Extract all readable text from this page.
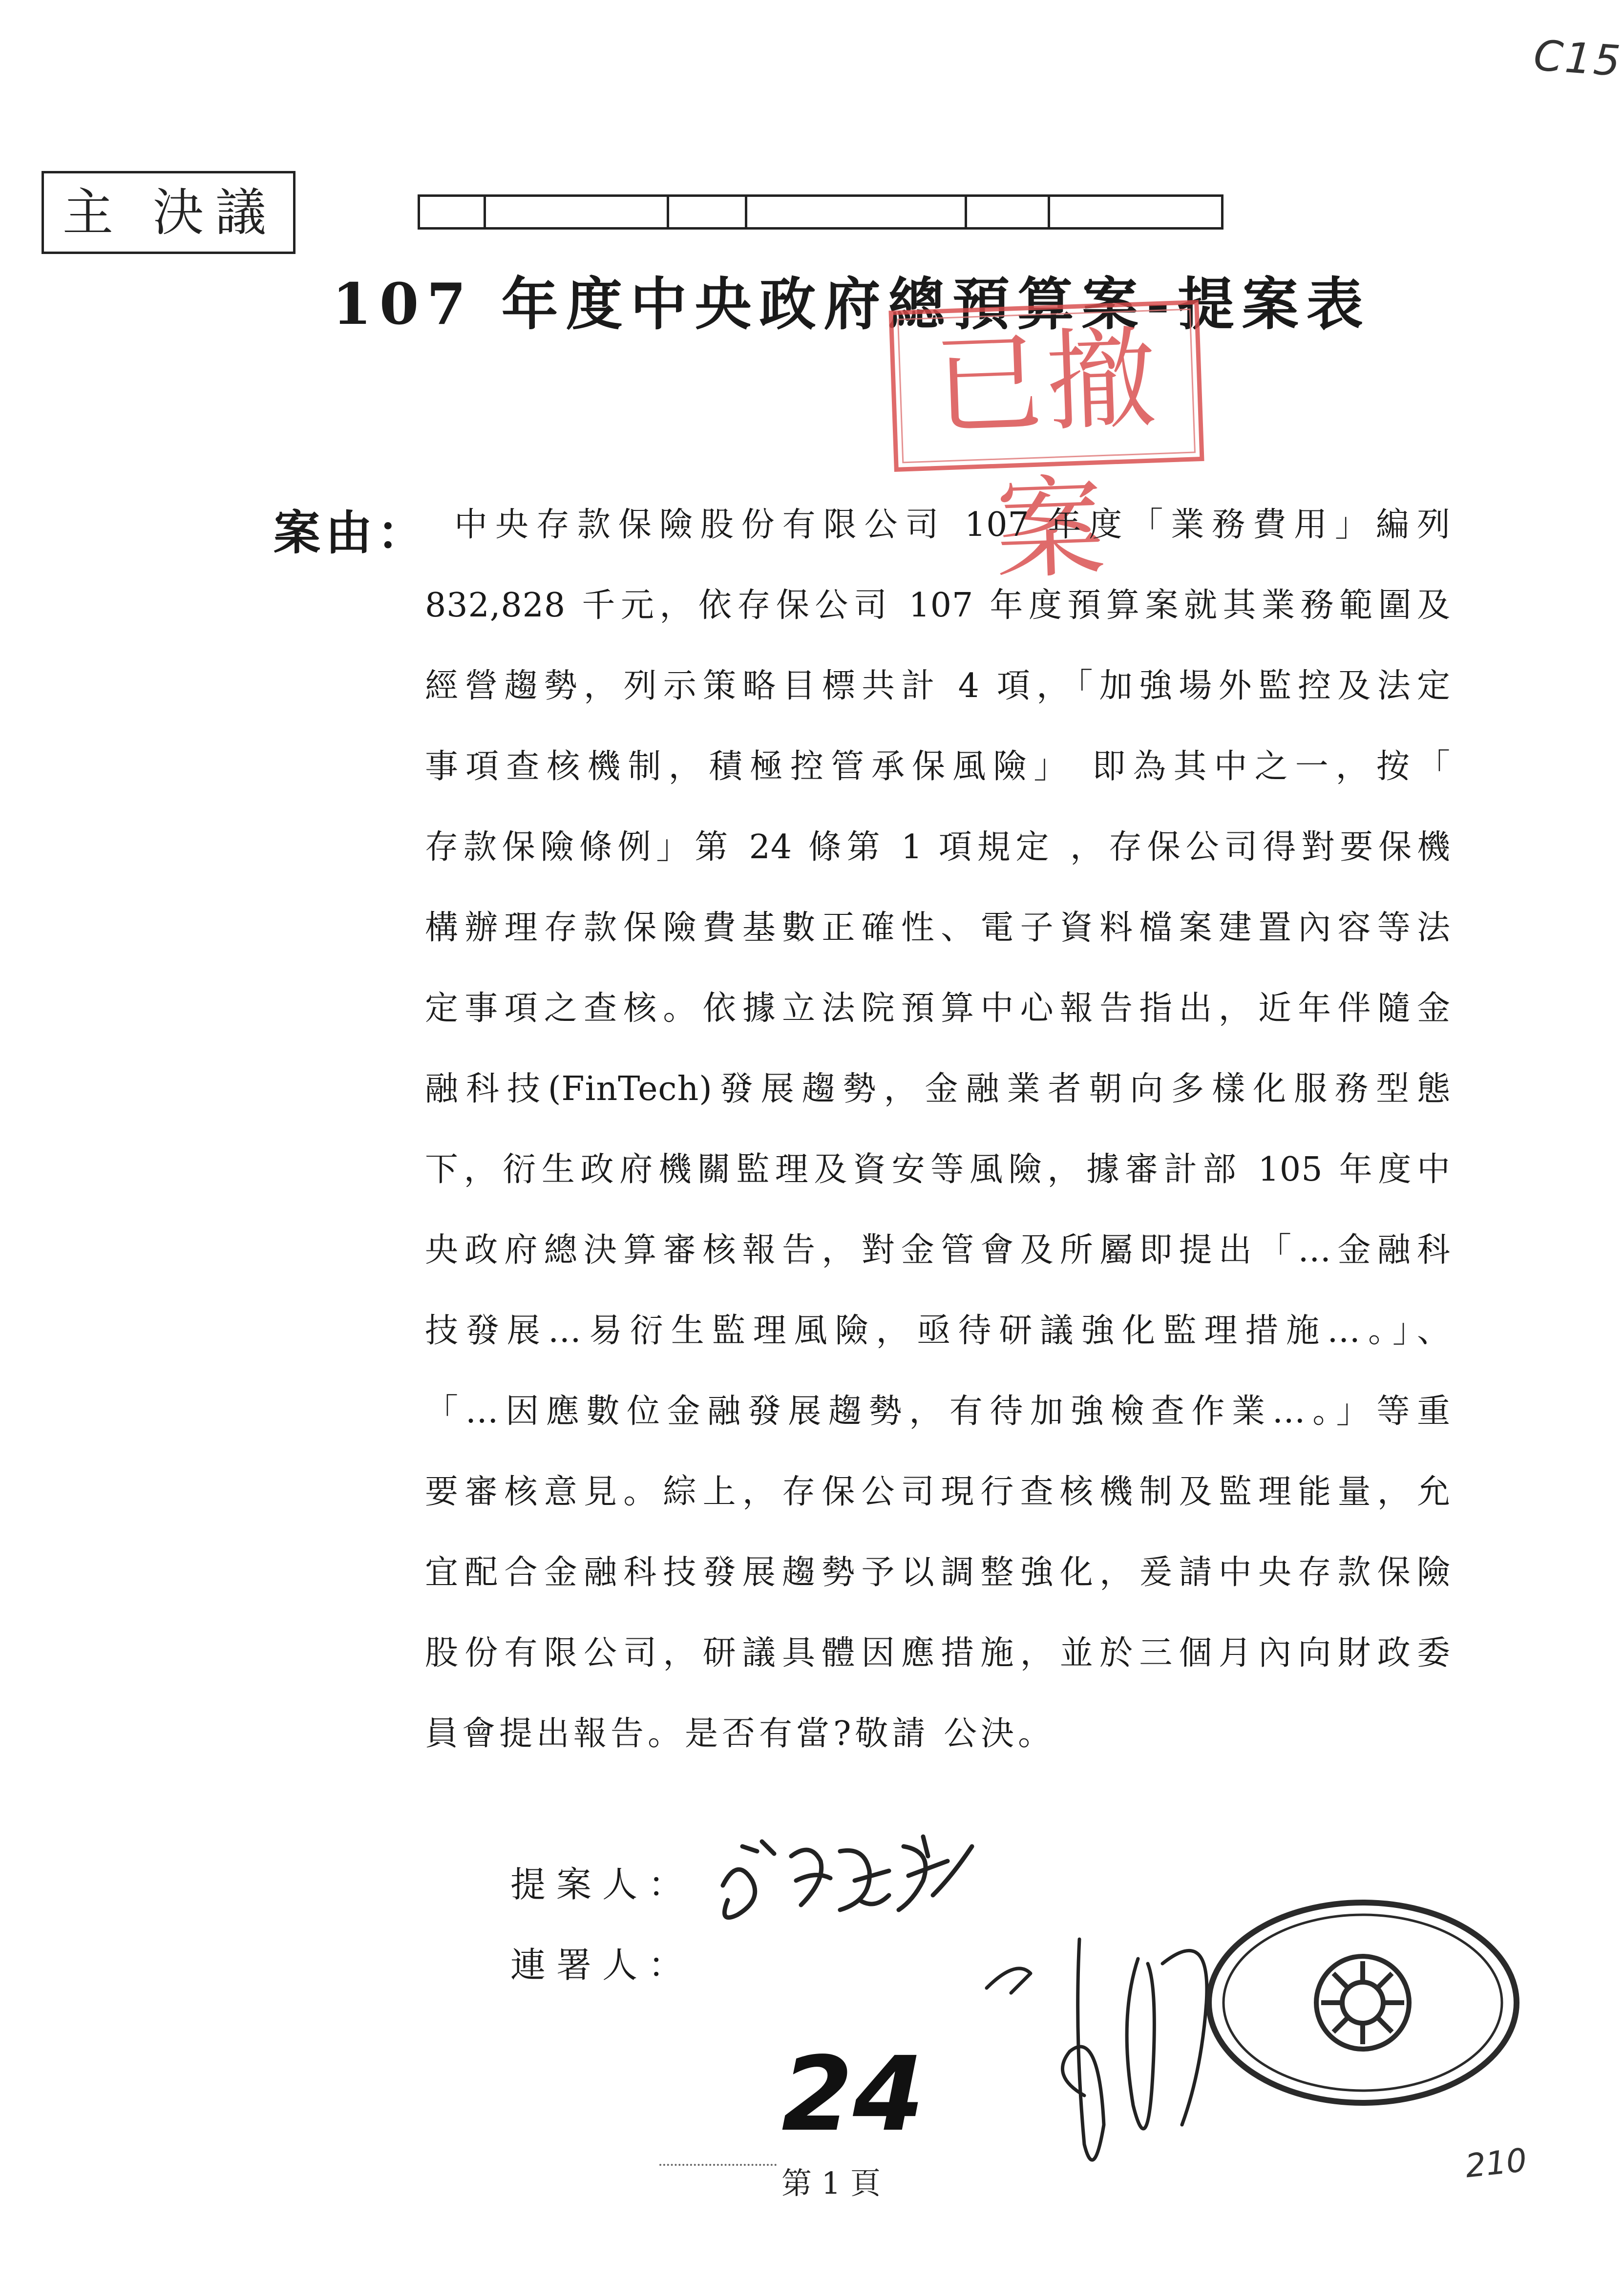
C15
主 決議
107 年度中央政府總預算案-提案表
已撤案
案由： 中央存款保險股份有限公司 107 年度「業務費用」編列
832,828 千元，依存保公司 107 年度預算案就其業務範圍及
經營趨勢，列示策略目標共計 4 項，「加強場外監控及法定
事項查核機制，積極控管承保風險」 即為其中之一，按「
存款保險條例」第 24 條第 1 項規定 ，存保公司得對要保機
構辦理存款保險費基數正確性、電子資料檔案建置內容等法
定事項之查核。依據立法院預算中心報告指出，近年伴隨金
融科技(FinTech)發展趨勢，金融業者朝向多樣化服務型態
下，衍生政府機關監理及資安等風險，據審計部 105 年度中
央政府總決算審核報告，對金管會及所屬即提出「…金融科
技發展…易衍生監理風險，亟待研議強化監理措施…。」、
「…因應數位金融發展趨勢，有待加強檢查作業…。」等重
要審核意見。綜上，存保公司現行查核機制及監理能量，允
宜配合金融科技發展趨勢予以調整強化，爰請中央存款保險
股份有限公司，研議具體因應措施，並於三個月內向財政委
員會提出報告。是否有當?敬請 公決。
提案人：
連署人：
24
第 1 頁	210
